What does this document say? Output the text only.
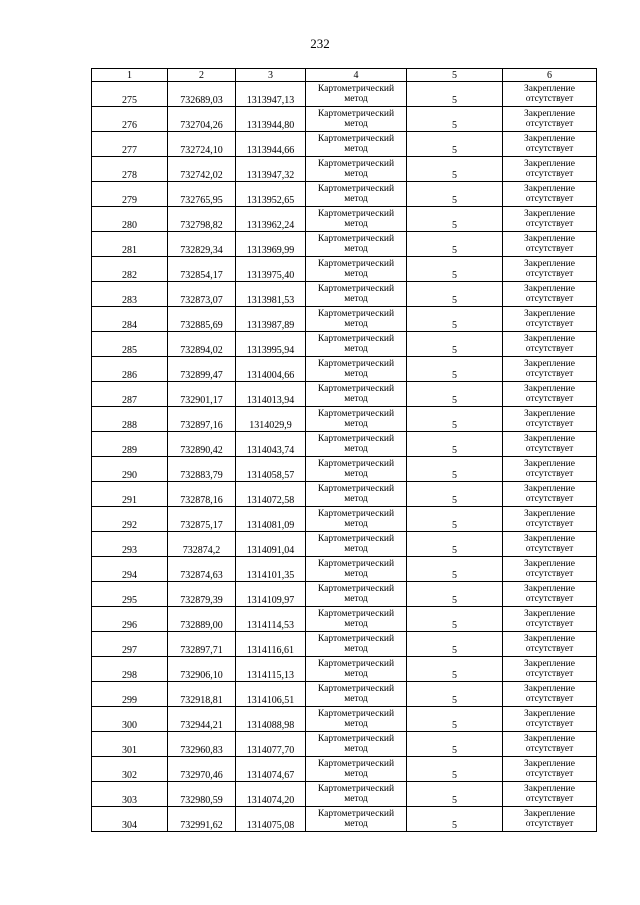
232
1	2	3	4	5	6
275	732689,03	1313947,13	Картометрический метод	5	Закрепление отсутствует
276	732704,26	1313944,80	Картометрический метод	5	Закрепление отсутствует
277	732724,10	1313944,66	Картометрический метод	5	Закрепление отсутствует
278	732742,02	1313947,32	Картометрический метод	5	Закрепление отсутствует
279	732765,95	1313952,65	Картометрический метод	5	Закрепление отсутствует
280	732798,82	1313962,24	Картометрический метод	5	Закрепление отсутствует
281	732829,34	1313969,99	Картометрический метод	5	Закрепление отсутствует
282	732854,17	1313975,40	Картометрический метод	5	Закрепление отсутствует
283	732873,07	1313981,53	Картометрический метод	5	Закрепление отсутствует
284	732885,69	1313987,89	Картометрический метод	5	Закрепление отсутствует
285	732894,02	1313995,94	Картометрический метод	5	Закрепление отсутствует
286	732899,47	1314004,66	Картометрический метод	5	Закрепление отсутствует
287	732901,17	1314013,94	Картометрический метод	5	Закрепление отсутствует
288	732897,16	1314029,9	Картометрический метод	5	Закрепление отсутствует
289	732890,42	1314043,74	Картометрический метод	5	Закрепление отсутствует
290	732883,79	1314058,57	Картометрический метод	5	Закрепление отсутствует
291	732878,16	1314072,58	Картометрический метод	5	Закрепление отсутствует
292	732875,17	1314081,09	Картометрический метод	5	Закрепление отсутствует
293	732874,2	1314091,04	Картометрический метод	5	Закрепление отсутствует
294	732874,63	1314101,35	Картометрический метод	5	Закрепление отсутствует
295	732879,39	1314109,97	Картометрический метод	5	Закрепление отсутствует
296	732889,00	1314114,53	Картометрический метод	5	Закрепление отсутствует
297	732897,71	1314116,61	Картометрический метод	5	Закрепление отсутствует
298	732906,10	1314115,13	Картометрический метод	5	Закрепление отсутствует
299	732918,81	1314106,51	Картометрический метод	5	Закрепление отсутствует
300	732944,21	1314088,98	Картометрический метод	5	Закрепление отсутствует
301	732960,83	1314077,70	Картометрический метод	5	Закрепление отсутствует
302	732970,46	1314074,67	Картометрический метод	5	Закрепление отсутствует
303	732980,59	1314074,20	Картометрический метод	5	Закрепление отсутствует
304	732991,62	1314075,08	Картометрический метод	5	Закрепление отсутствует
